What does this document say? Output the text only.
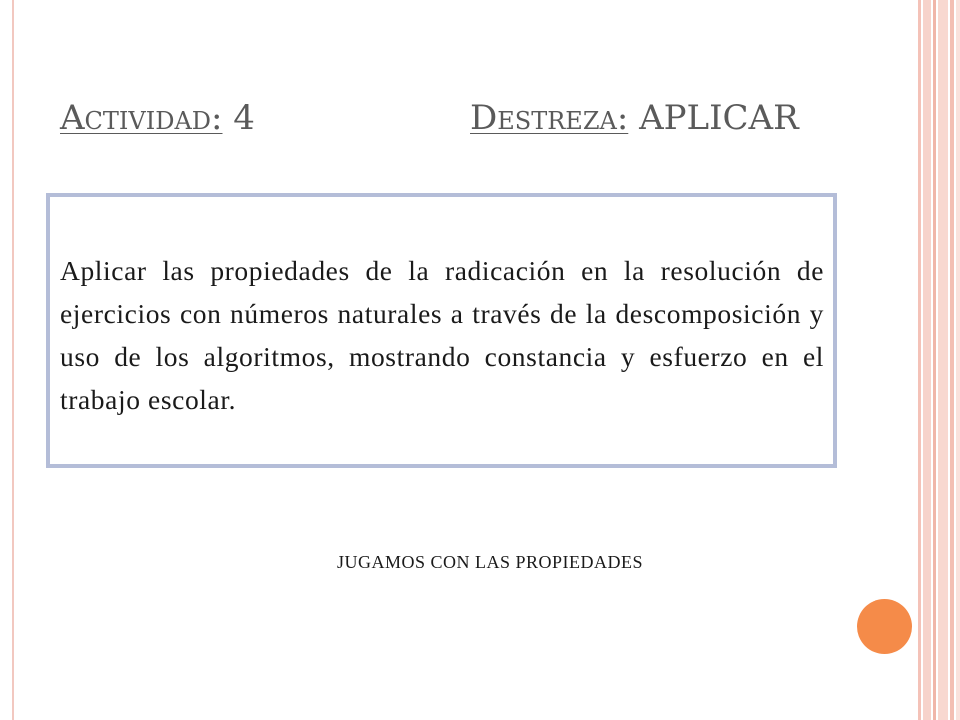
Actividad: 4	Destreza: APLICAR
Aplicar las propiedades de la radicación en la resolución de ejercicios con números naturales a través de la descomposición y uso de los algoritmos, mostrando constancia y esfuerzo en el trabajo escolar.
JUGAMOS CON LAS PROPIEDADES
